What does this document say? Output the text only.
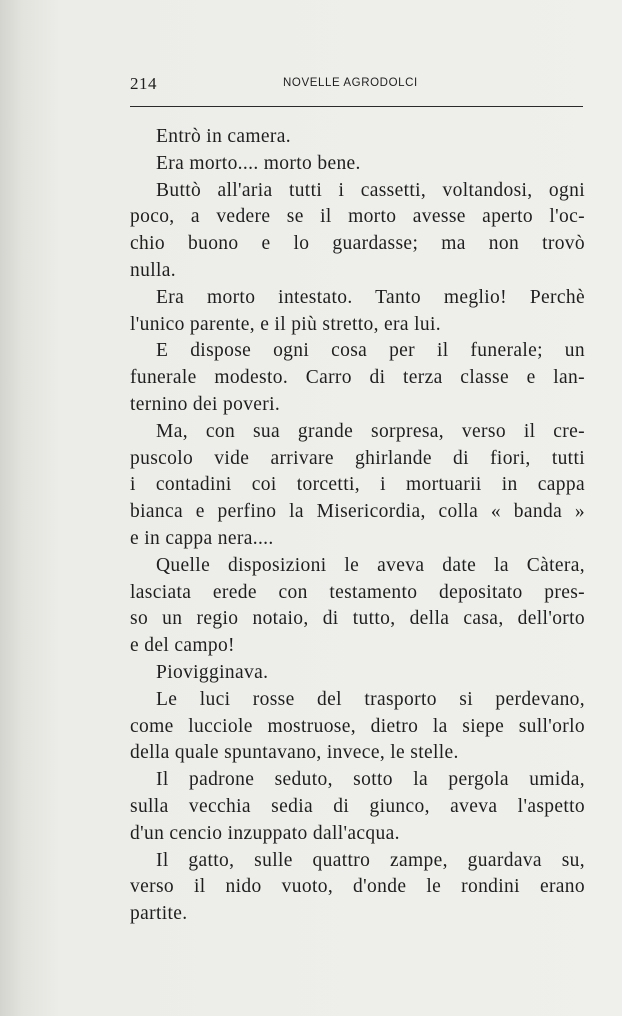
214	NOVELLE AGRODOLCI
Entrò in camera.
Era morto.... morto bene.
Buttò all'aria tutti i cassetti, voltandosi, ogni
poco, a vedere se il morto avesse aperto l'oc-
chio buono e lo guardasse; ma non trovò
nulla.
Era morto intestato. Tanto meglio! Perchè
l'unico parente, e il più stretto, era lui.
E dispose ogni cosa per il funerale; un
funerale modesto. Carro di terza classe e lan-
ternino dei poveri.
Ma, con sua grande sorpresa, verso il cre-
puscolo vide arrivare ghirlande di fiori, tutti
i contadini coi torcetti, i mortuarii in cappa
bianca e perfino la Misericordia, colla « banda »
e in cappa nera....
Quelle disposizioni le aveva date la Càtera,
lasciata erede con testamento depositato pres-
so un regio notaio, di tutto, della casa, dell'orto
e del campo!
Piovigginava.
Le luci rosse del trasporto si perdevano,
come lucciole mostruose, dietro la siepe sull'orlo
della quale spuntavano, invece, le stelle.
Il padrone seduto, sotto la pergola umida,
sulla vecchia sedia di giunco, aveva l'aspetto
d'un cencio inzuppato dall'acqua.
Il gatto, sulle quattro zampe, guardava su,
verso il nido vuoto, d'onde le rondini erano
partite.
